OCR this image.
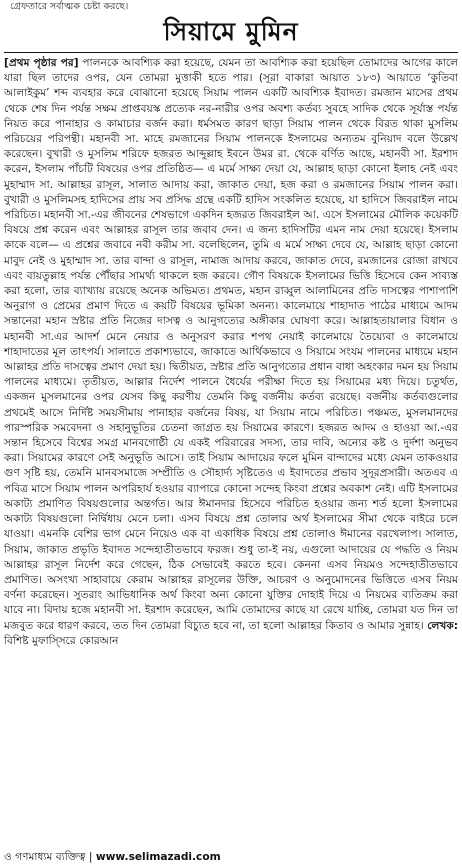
গ্রেফতারে সর্বাত্মক চেষ্টা করছে।
সিয়ামে মুমিন

[প্রথম পৃষ্ঠার পর] পালনকে আবশ্যিক করা হয়েছে, যেমন তা আবশ্যিক করা হয়েছিল তোমাদের আগের কালে যারা ছিল তাদের ওপর, যেন তোমরা মুত্তাকী হতে পার। (সূরা বাকারা আয়াত ১৮৩) আয়াতে ‘কুতিবা আলাইকুম’ শব্দ ব্যবহার করে বোঝানো হয়েছে সিয়াম পালন একটি আবশ্যিক ইবাদত। রমজান মাসের প্রথম থেকে শেষ দিন পর্যন্ত সক্ষম প্রাপ্তবয়স্ক প্রত্যেক নর-নারীর ওপর অবশ্য কর্তব্য সুবহে সাদিক থেকে সূর্যাস্ত পর্যন্ত নিয়ত করে পানাহার ও কামাচার বর্জন করা। ধর্মসমত কারণ ছাড়া সিয়াম পালন থেকে বিরত থাকা মুসলিম পরিচয়ের পরিপন্থী। মহানবী সা. মাহে রমজানের সিয়াম পালনকে ইসলামের অন্যতম বুনিয়াদ বলে উল্লেখ করেছেন। বুখারী ও মুসলিম শরিফে হজরত আব্দুল্লাহ ইবনে উমর রা. থেকে বর্ণিত আছে, মহানবী সা. ইরশাদ করেন, ইসলাম পাঁচটি বিষয়ের ওপর প্রতিষ্ঠিত— এ মর্মে সাক্ষ্য দেয়া যে, আল্লাহ ছাড়া কোনো ইলাহ নেই এবং মুহাম্মাদ সা. আল্লাহর রাসূল, সালাত আদায় করা, জাকাত দেয়া, হজ করা ও রমজানের সিয়াম পালন করা। বুখারী ও মুসলিমসহ হাদিসের প্রায় সব প্রসিদ্ধ গ্রন্থে একটি হাদিস সংকলিত হয়েছে, যা হাদিসে জিবরাইল নামে পরিচিত। মহানবী সা.-এর জীবনের শেষভাগে একদিন হজরত জিবরাইল আ. এসে ইসলামের মৌলিক কয়েকটি বিষয়ে প্রশ্ন করেন এবং আল্লাহর রাসূল তার জবাব দেন। এ জন্য হাদিসটির এমন নাম দেয়া হয়েছে। ইসলাম কাকে বলে— এ প্রশ্নের জবাবে নবী করীম সা. বলেছিলেন, তুমি এ মর্মে সাক্ষ্য দেবে যে, আল্লাহ ছাড়া কোনো মাবুদ নেই ও মুহাম্মাদ সা. তার বান্দা ও রাসূল, নামাজ আদায় করবে, জাকাত দেবে, রমজানের রোজা রাখবে এবং বায়তুল্লাহ পর্যন্ত পৌঁছার সামর্থ্য থাকলে হজ করবে। গৌণ বিষয়কে ইসলামের ভিত্তি হিসেবে কেন সাব্যস্ত করা হলো, তার ব্যাখ্যায় রয়েছে অনেক অভিমত। প্রথমত, মহান রাব্বুল আলামিনের প্রতি দাসত্বের পাশাপাশি অনুরাগ ও প্রেমের প্রমাণ দিতে এ কয়টি বিষয়ের ভূমিকা অনন্য। কালেমায়ে শাহাদাত পাঠের মাধ্যমে আদম সন্তানেরা মহান স্রষ্টার প্রতি নিজের দাসত্ব ও আনুগত্যের অঙ্গীকার ঘোষণা করে। আল্লাহতায়ালার বিধান ও মহানবী সা.এর আদর্শ মেনে নেয়ার ও অনুসরণ করার শপথ নেয়াই কালেমায়ে তৈয়্যেবা ও কালেমায়ে শাহাদাতের মূল তাৎপর্য। সালাতে প্রকাশ্যভাবে, জাকাতে আর্থিকভাবে ও সিয়ামে সংযম পালনের মাধ্যমে মহান আল্লাহর প্রতি দাসত্বের প্রমাণ দেয়া হয়। দ্বিতীয়ত, স্রষ্টার প্রতি আনুগত্যের প্রধান বাধা অহংকার দমন হয় সিয়াম পালনের মাধ্যমে। তৃতীয়ত, আল্লার নির্দেশ পালনে ধৈর্যের পরীক্ষা দিতে হয় সিয়ামের মধ্য দিয়ে। চতুর্থত, একজন মুসলমানের ওপর যেসব কিছু করণীয় তেমনি কিছু বর্জনীয় কর্তব্য রয়েছে। বর্জনীয় কর্তব্যগুলোর প্রথমেই আসে নির্দিষ্ট সময়সীমায় পানাহার বর্জনের বিষয়, যা সিয়াম নামে পরিচিত। পঞ্চমত, মুসলমানদের পারস্পরিক সমবেদনা ও সহানুভূতির চেতনা জাগ্রত হয় সিয়ামের কারণে। হজরত আদম ও হাওয়া আ.-এর সন্তান হিসেবে বিশ্বের সমগ্র মানবগোষ্ঠী যে একই পরিবারের সদস্য, তার দাবি, অন্যের কষ্ট ও দুর্দশা অনুভব করা। সিয়ামের কারণে সেই অনুভূতি আসে। তাই সিয়াম আদায়ের ফলে মুমিন বান্দাদের মধ্যে যেমন তাকওয়ার গুণ সৃষ্টি হয়, তেমনি মানবসমাজে সম্প্রীতি ও সৌহার্দ্য সৃষ্টিতেও এ ইবাদতের প্রভাব সুদূরপ্রসারী। অতএব এ পবিত্র মাসে সিয়াম পালন অপরিহার্য হওয়ার ব্যাপারে কোনো সন্দেহ কিংবা প্রশ্নের অবকাশ নেই। এটি ইসলামের অকাট্য প্রমাণিত বিষয়গুলোর অন্তর্গত। আর ঈমানদার হিসেবে পরিচিত হওয়ার জন্য শর্ত হলো ইসলামের অকাট্য বিষয়গুলো নির্দ্বিধায় মেনে চলা। এসব বিষয়ে প্রশ্ন তোলার অর্থ ইসলামের সীমা থেকে বাইরে চলে যাওয়া। এমনকি বেশির ভাগ মেনে নিয়েও এক বা একাধিক বিষয়ে প্রশ্ন তোলাও ঈমানের বরখেলাপ। সালাত, সিয়াম, জাকাত প্রভৃতি ইবাদত সন্দেহাতীতভাবে ফরজ। শুধু তা-ই নয়, এগুলো আদায়ের যে পদ্ধতি ও নিয়ম আল্লাহর রাসূল নির্দেশ করে গেছেন, ঠিক সেভাবেই করতে হবে। কেননা এসব নিয়মও সন্দেহাতীতভাবে প্রমাণিত। অসংখ্য সাহাবায়ে কেরাম আল্লাহর রাসূলের উক্তি, আচরণ ও অনুমোদনের ভিত্তিতে এসব নিয়ম বর্ণনা করেছেন। সুতরাং আভিধানিক অর্থ কিংবা অন্য কোনো যুক্তির দোহাই দিয়ে এ নিয়মের ব্যতিক্রম করা যাবে না। বিদায় হজে মহানবী সা. ইরশাদ করেছেন, আমি তোমাদের কাছে যা রেখে যাচ্ছি, তোমরা যত দিন তা মজবুত করে ধারণ করবে, তত দিন তোমরা বিচ্যুত হবে না, তা হলো আল্লাহর কিতাব ও আমার সুন্নাহ। লেখক: বিশিষ্ট মুফাস্সিরে কোরআন

ও গণমাধ্যম ব্যক্তিত্ব | www.selimazadi.com
